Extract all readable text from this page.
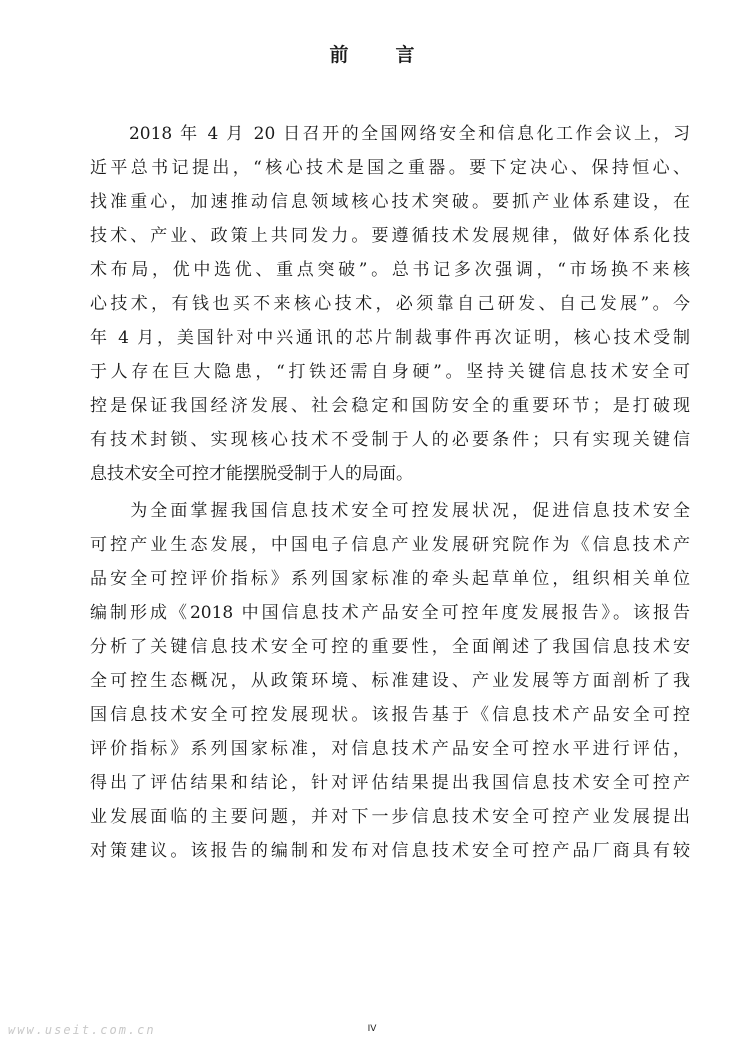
前　言
　　2018 年 4 月 20 日召开的全国网络安全和信息化工作会议上，习
近平总书记提出，“核心技术是国之重器。要下定决心、保持恒心、
找准重心，加速推动信息领域核心技术突破。要抓产业体系建设，在
技术、产业、政策上共同发力。要遵循技术发展规律，做好体系化技
术布局，优中选优、重点突破”。总书记多次强调，“市场换不来核
心技术，有钱也买不来核心技术，必须靠自己研发、自己发展”。今
年 4 月，美国针对中兴通讯的芯片制裁事件再次证明，核心技术受制
于人存在巨大隐患，“打铁还需自身硬”。坚持关键信息技术安全可
控是保证我国经济发展、社会稳定和国防安全的重要环节；是打破现
有技术封锁、实现核心技术不受制于人的必要条件；只有实现关键信
息技术安全可控才能摆脱受制于人的局面。
　　为全面掌握我国信息技术安全可控发展状况，促进信息技术安全
可控产业生态发展，中国电子信息产业发展研究院作为《信息技术产
品安全可控评价指标》系列国家标准的牵头起草单位，组织相关单位
编制形成《2018 中国信息技术产品安全可控年度发展报告》。该报告
分析了关键信息技术安全可控的重要性，全面阐述了我国信息技术安
全可控生态概况，从政策环境、标准建设、产业发展等方面剖析了我
国信息技术安全可控发展现状。该报告基于《信息技术产品安全可控
评价指标》系列国家标准，对信息技术产品安全可控水平进行评估，
得出了评估结果和结论，针对评估结果提出我国信息技术安全可控产
业发展面临的主要问题，并对下一步信息技术安全可控产业发展提出
对策建议。该报告的编制和发布对信息技术安全可控产品厂商具有较
www.useit.com.cn	IV
